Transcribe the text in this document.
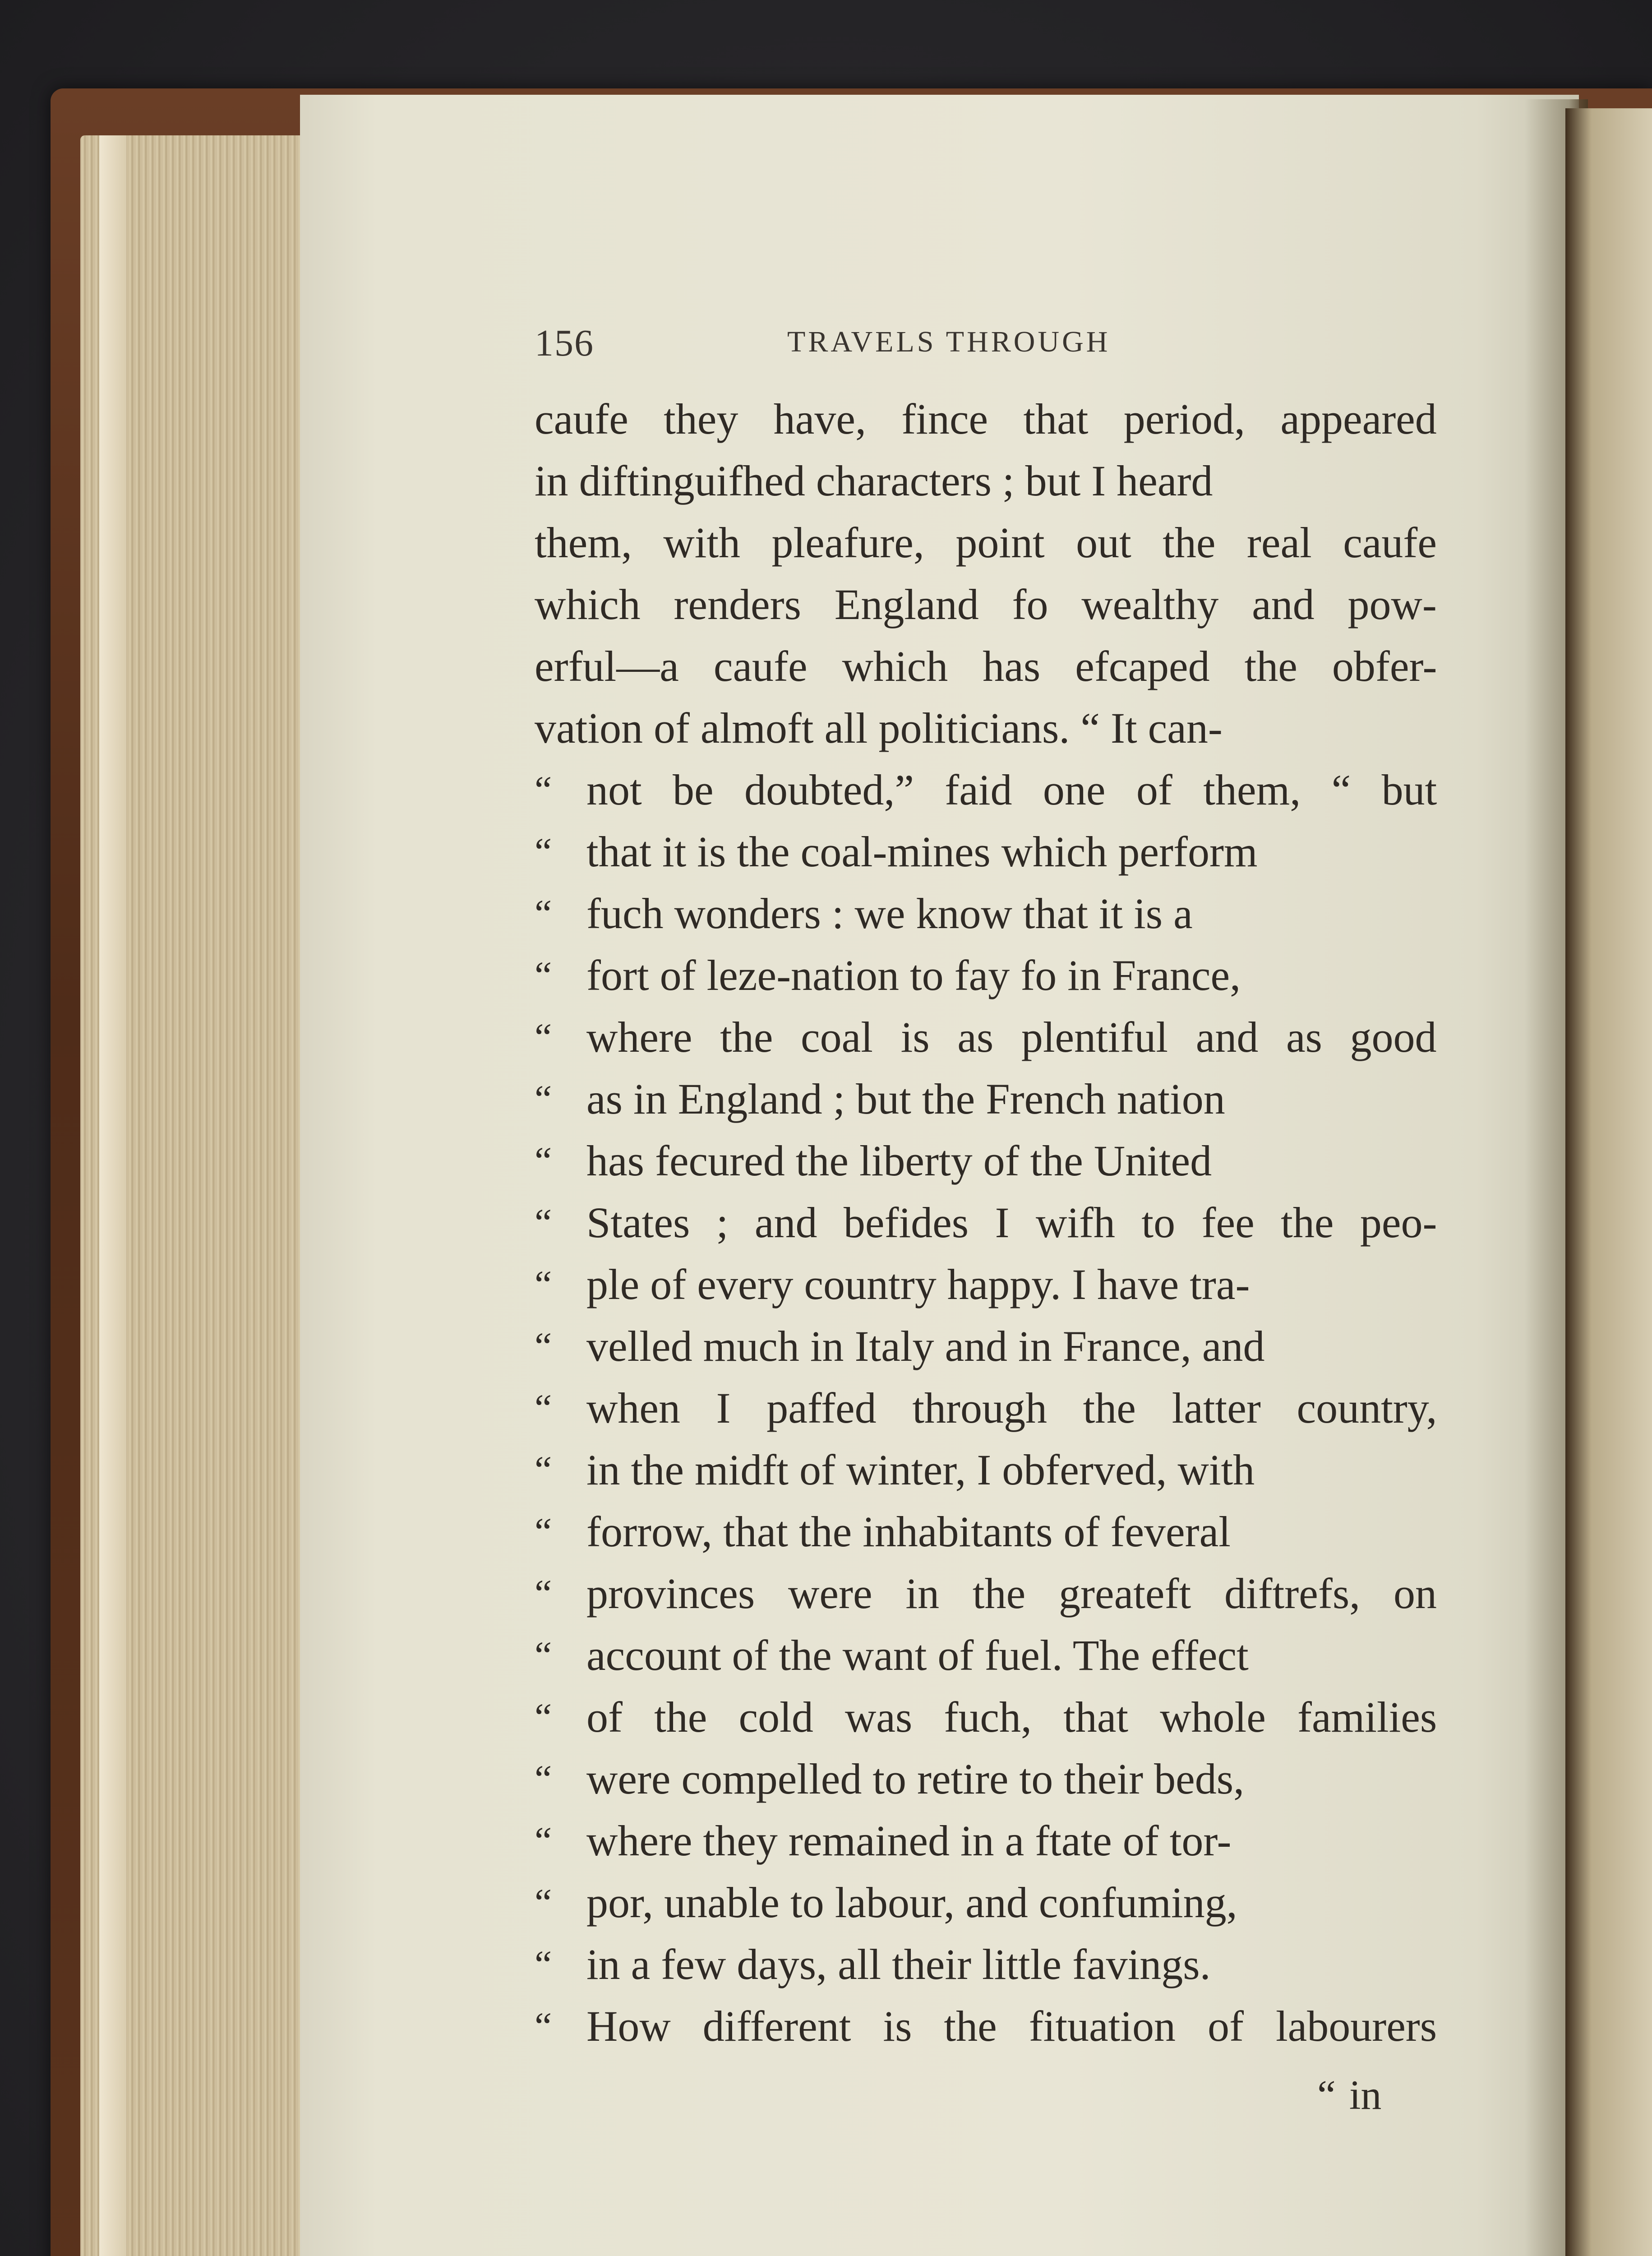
156	TRAVELS THROUGH
caufe they have, fince that period, appeared
in diftinguifhed characters ; but I heard
them, with pleafure, point out the real caufe
which renders England fo wealthy and pow-
erful—a caufe which has efcaped the obfer-
vation of almoft all politicians. “ It can-
“ not be doubted,” faid one of them, “ but
“ that it is the coal-mines which perform
“ fuch wonders : we know that it is a
“ fort of leze-nation to fay fo in France,
“ where the coal is as plentiful and as good
“ as in England ; but the French nation
“ has fecured the liberty of the United
“ States ; and befides I wifh to fee the peo-
“ ple of every country happy. I have tra-
“ velled much in Italy and in France, and
“ when I paffed through the latter country,
“ in the midft of winter, I obferved, with
“ forrow, that the inhabitants of feveral
“ provinces were in the greateft diftrefs, on
“ account of the want of fuel. The effect
“ of the cold was fuch, that whole families
“ were compelled to retire to their beds,
“ where they remained in a ftate of tor-
“ por, unable to labour, and confuming,
“ in a few days, all their little favings.
“ How different is the fituation of labourers
“ in
